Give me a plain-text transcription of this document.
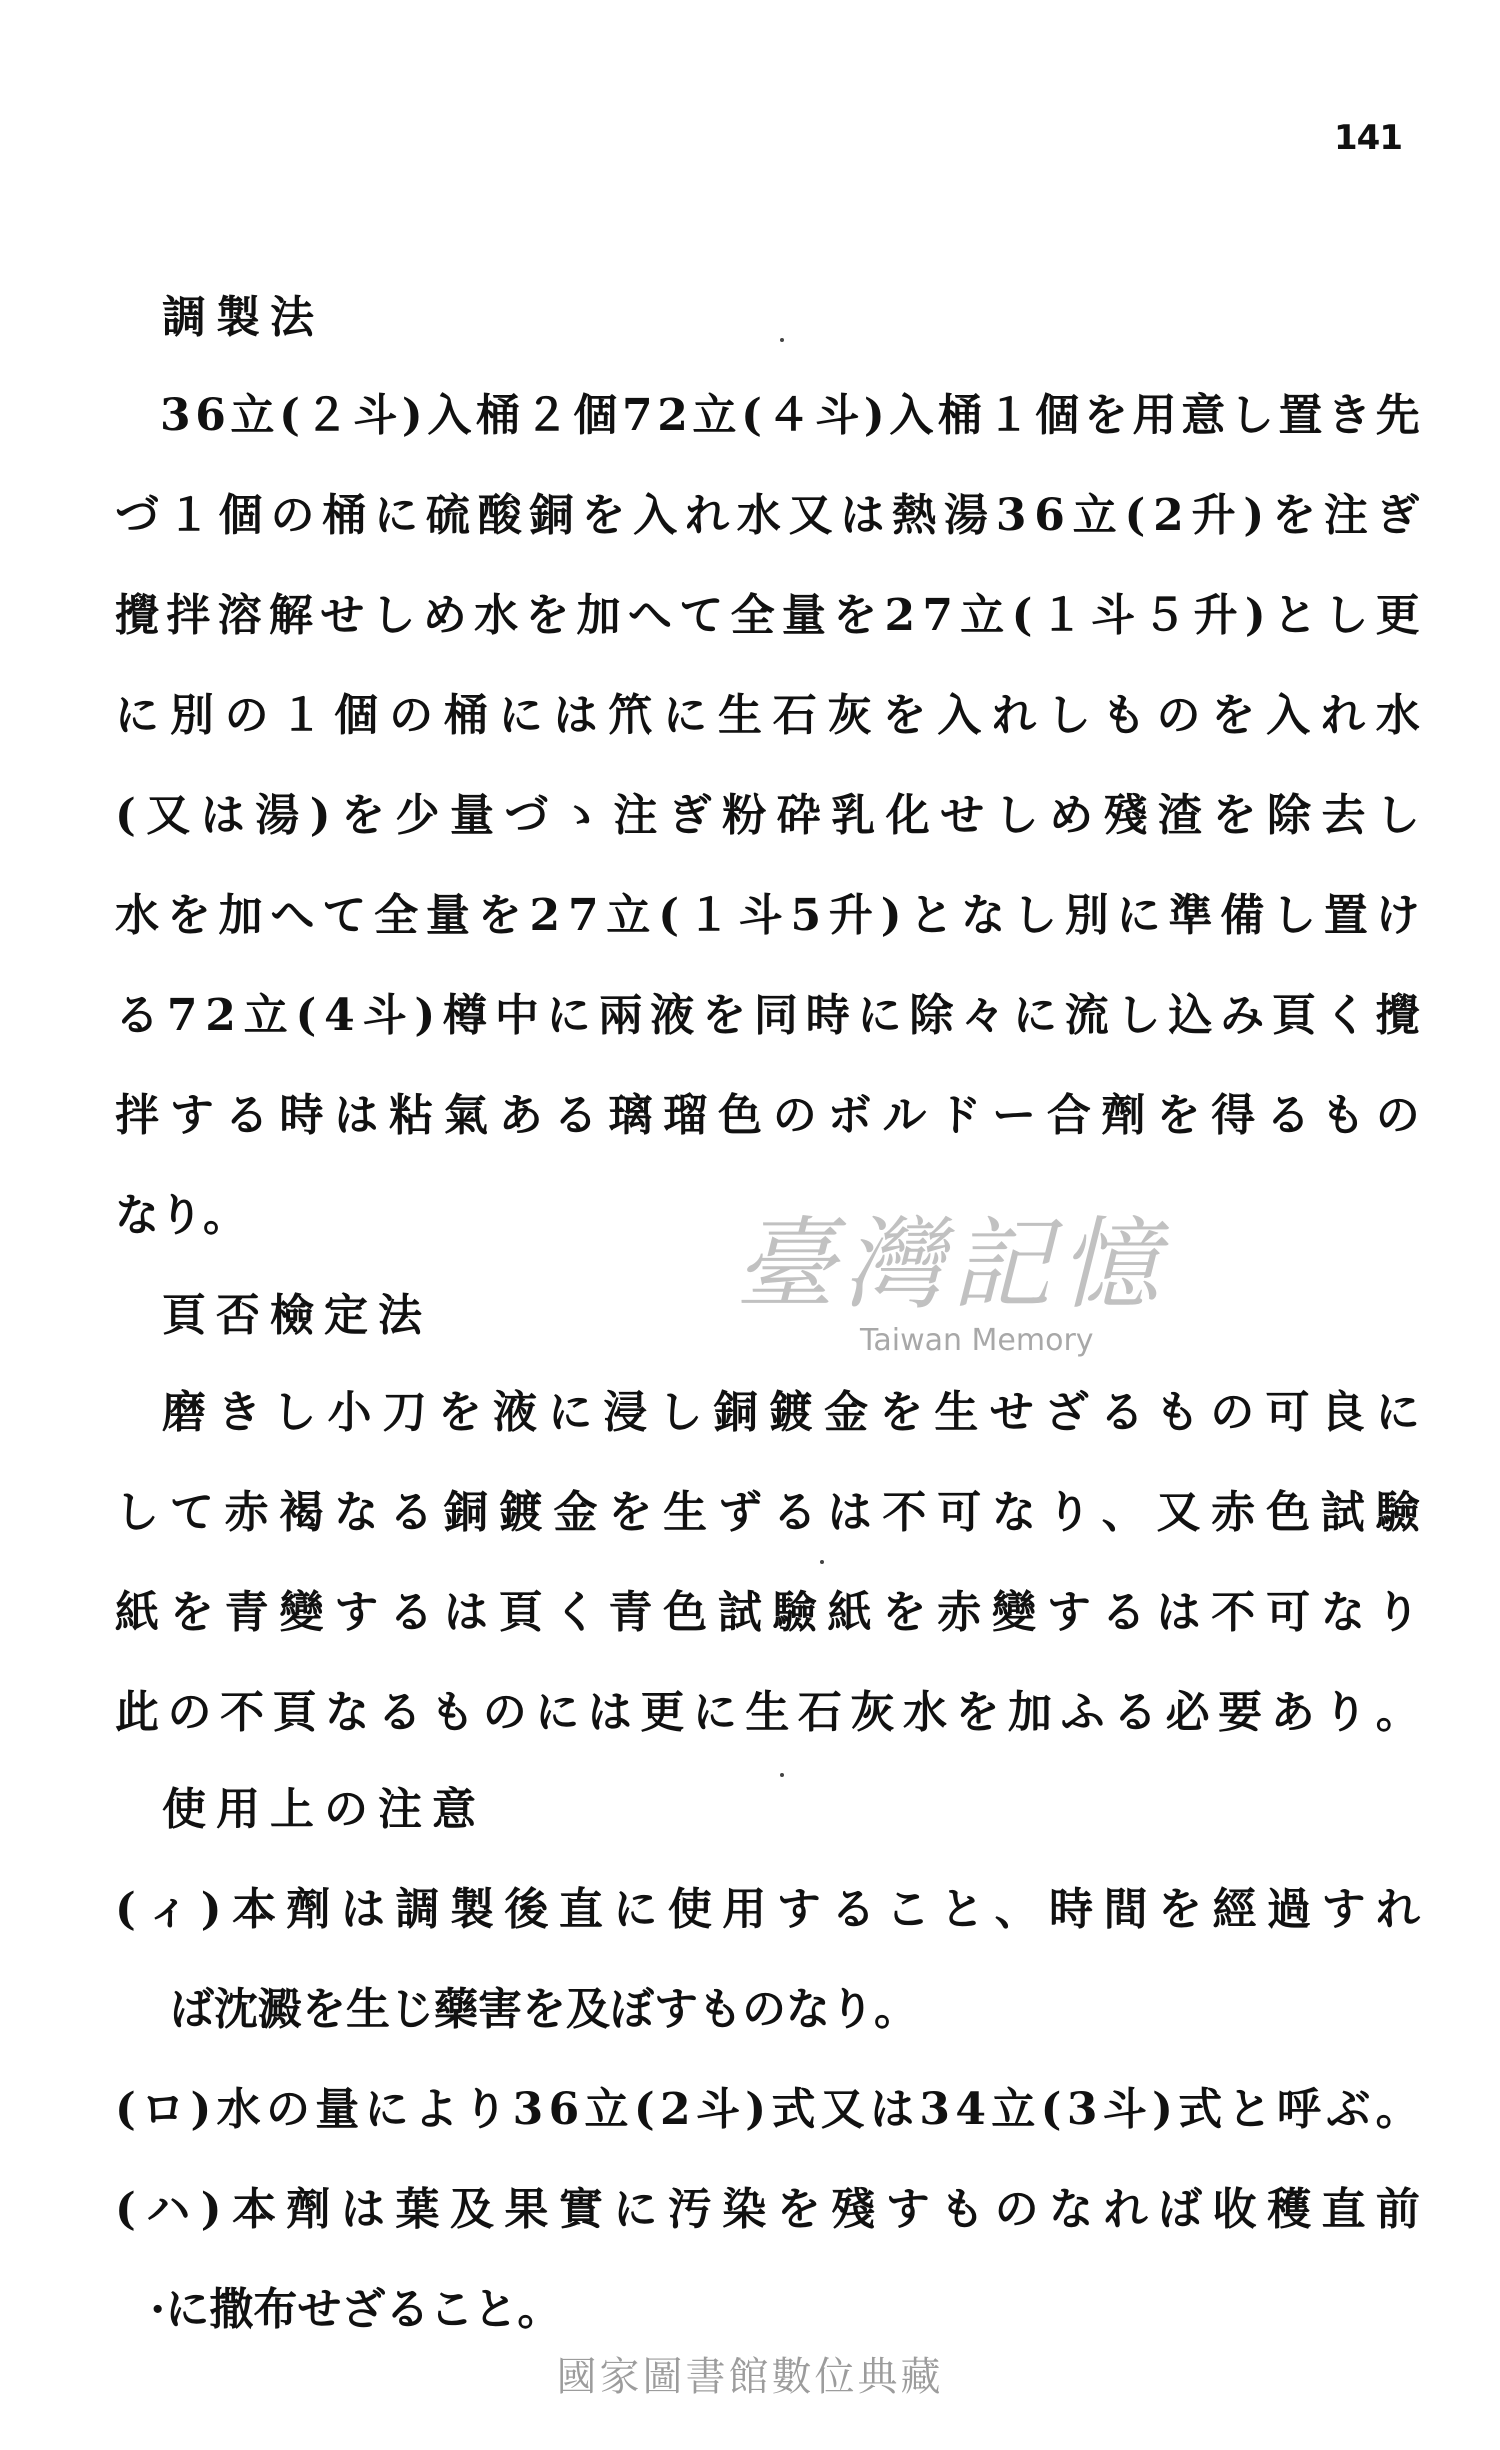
141
調製法
3 6 立 ( ２ 斗 ) 入 桶 ２ 個 7 2 立 ( ４ 斗 ) 入 桶 １ 個 を 用 意 し 置 き 先
づ １ 個 の 桶 に 硫 酸 銅 を 入 れ 水 又 は 熱 湯 3 6 立 ( 2 升 ) を 注 ぎ
攪 拌 溶 解 せ し め 水 を 加 へ て 全 量 を 2 7 立 ( １ 斗 ５ 升 ) と し 更
に 別 の １ 個 の 桶 に は 笊 に 生 石 灰 を 入 れ し も の を 入 れ 水
( 又 は 湯 ) を 少 量 づ ゝ 注 ぎ 粉 砕 乳 化 せ し め 殘 渣 を 除 去 し
水 を 加 へ て 全 量 を 2 7 立 ( １ 斗 5 升 ) と な し 別 に 準 備 し 置 け
る 7 2 立 ( 4 斗 ) 樽 中 に 兩 液 を 同 時 に 除 々 に 流 し 込 み 頁 く 攪
拌 す る 時 は 粘 氣 あ る 璃 瑠 色 の ボ ル ド ー 合 劑 を 得 る も の
なり。
頁否檢定法
磨 き し 小 刀 を 液 に 浸 し 銅 鍍 金 を 生 せ ざ る も の 可 良 に
し て 赤 褐 な る 銅 鍍 金 を 生 ず る は 不 可 な り 、 又 赤 色 試 驗
紙 を 青 變 す る は 頁 く 青 色 試 驗 紙 を 赤 變 す る は 不 可 な り
此 の 不 頁 な る も の に は 更 に 生 石 灰 水 を 加 ふ る 必 要 あ り 。
使用上の注意
( ィ ) 本 劑 は 調 製 後 直 に 使 用 す る こ と 、 時 間 を 經 過 す れ
ば沈澱を生じ藥害を及ぼすものなり。
( ロ ) 水 の 量 に よ り 3 6 立 ( 2 斗 ) 式 又 は 3 4 立 ( 3 斗 ) 式 と 呼 ぶ 。
( ハ ) 本 劑 は 葉 及 果 實 に 汚 染 を 殘 す も の な れ ば 收 穫 直 前
·に撒布せざること。
臺灣記憶
Taiwan Memory
國家圖書館數位典藏
